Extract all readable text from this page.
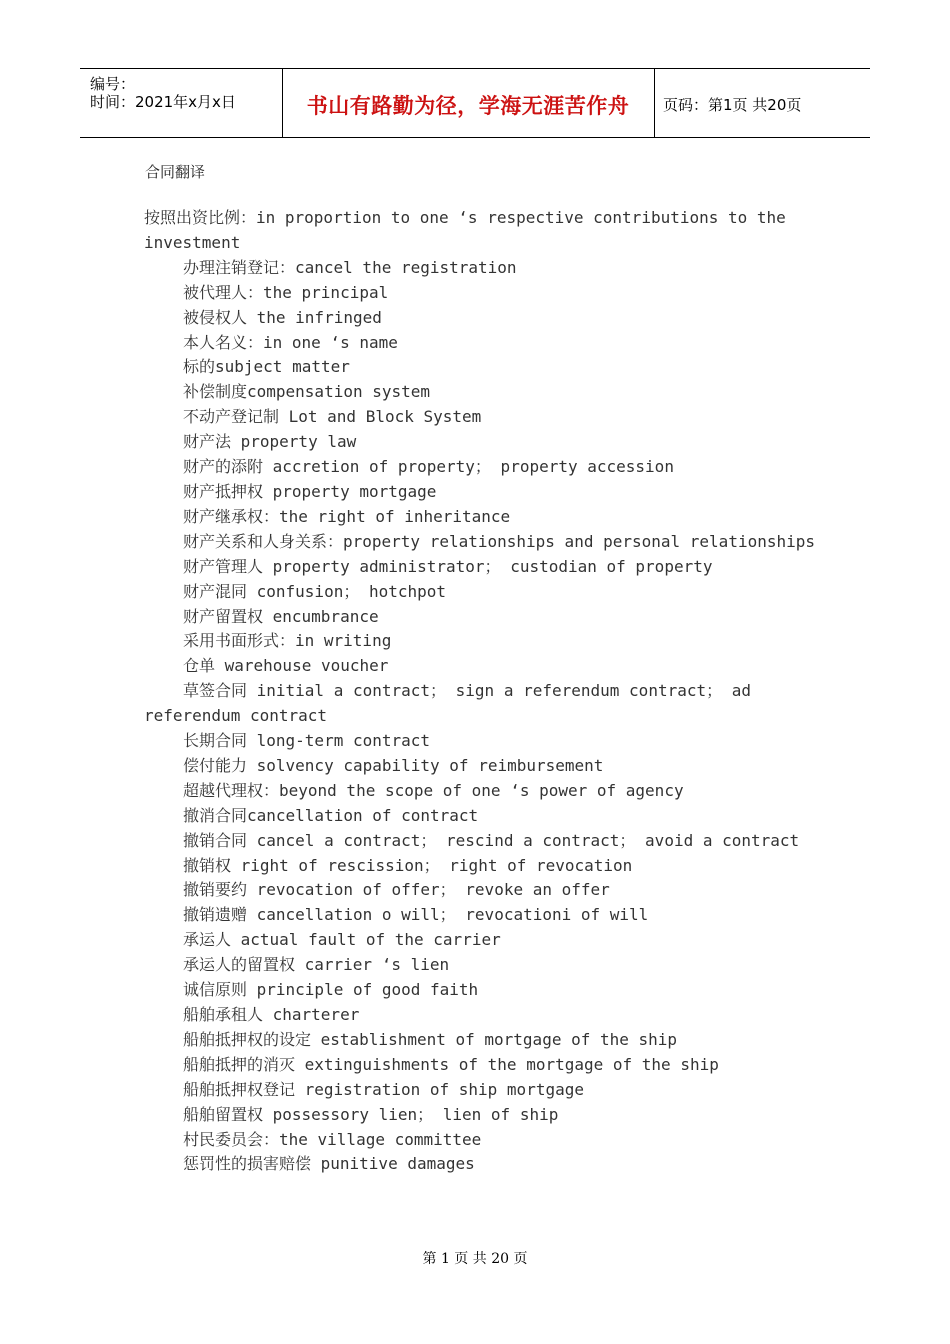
编号：
时间：2021年x月x日	书山有路勤为径，学海无涯苦作舟	页码：第1页 共20页
合同翻译

按照出资比例：in proportion to one ‘s respective contributions to the investment

办理注销登记：cancel the registration

被代理人：the principal

被侵权人 the infringed

本人名义：in one ‘s name

标的subject matter

补偿制度compensation system

不动产登记制 Lot and Block System

财产法 property law

财产的添附 accretion of property； property accession

财产抵押权 property mortgage

财产继承权：the right of inheritance

财产关系和人身关系：property relationships and personal relationships

财产管理人 property administrator； custodian of property

财产混同 confusion； hotchpot

财产留置权 encumbrance

采用书面形式：in writing

仓单 warehouse voucher

草签合同 initial a contract； sign a referendum contract； ad referendum contract

长期合同 long-term contract

偿付能力 solvency capability of reimbursement

超越代理权：beyond the scope of one ‘s power of agency

撤消合同cancellation of contract

撤销合同 cancel a contract； rescind a contract； avoid a contract

撤销权 right of rescission； right of revocation

撤销要约 revocation of offer； revoke an offer

撤销遗赠 cancellation o will； revocationi of will

承运人 actual fault of the carrier

承运人的留置权 carrier ‘s lien

诚信原则 principle of good faith

船舶承租人 charterer

船舶抵押权的设定 establishment of mortgage of the ship

船舶抵押的消灭 extinguishments of the mortgage of the ship

船舶抵押权登记 registration of ship mortgage

船舶留置权 possessory lien； lien of ship

村民委员会：the village committee

惩罚性的损害赔偿 punitive damages

第 1 页 共 20 页
